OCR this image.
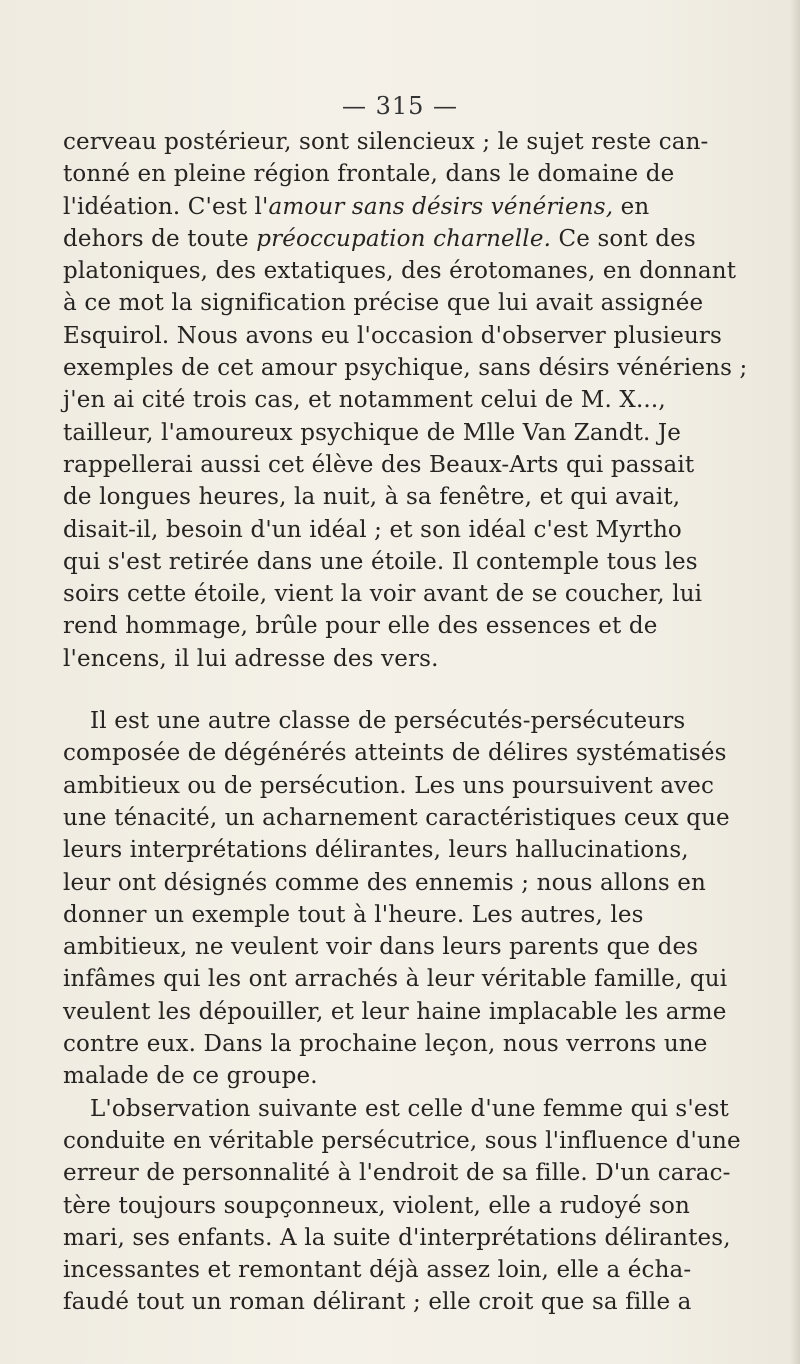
— 315 —

cerveau postérieur, sont silencieux ; le sujet reste can-
tonné en pleine région frontale, dans le domaine de
l'idéation. C'est l'amour sans désirs vénériens, en
dehors de toute préoccupation charnelle. Ce sont des
platoniques, des extatiques, des érotomanes, en donnant
à ce mot la signification précise que lui avait assignée
Esquirol. Nous avons eu l'occasion d'observer plusieurs
exemples de cet amour psychique, sans désirs vénériens ;
j'en ai cité trois cas, et notamment celui de M. X...,
tailleur, l'amoureux psychique de Mlle Van Zandt. Je
rappellerai aussi cet élève des Beaux-Arts qui passait
de longues heures, la nuit, à sa fenêtre, et qui avait,
disait-il, besoin d'un idéal ; et son idéal c'est Myrtho
qui s'est retirée dans une étoile. Il contemple tous les
soirs cette étoile, vient la voir avant de se coucher, lui
rend hommage, brûle pour elle des essences et de
l'encens, il lui adresse des vers.

Il est une autre classe de persécutés-persécuteurs
composée de dégénérés atteints de délires systématisés
ambitieux ou de persécution. Les uns poursuivent avec
une ténacité, un acharnement caractéristiques ceux que
leurs interprétations délirantes, leurs hallucinations,
leur ont désignés comme des ennemis ; nous allons en
donner un exemple tout à l'heure. Les autres, les
ambitieux, ne veulent voir dans leurs parents que des
infâmes qui les ont arrachés à leur véritable famille, qui
veulent les dépouiller, et leur haine implacable les arme
contre eux. Dans la prochaine leçon, nous verrons une
malade de ce groupe.

L'observation suivante est celle d'une femme qui s'est
conduite en véritable persécutrice, sous l'influence d'une
erreur de personnalité à l'endroit de sa fille. D'un carac-
tère toujours soupçonneux, violent, elle a rudoyé son
mari, ses enfants. A la suite d'interprétations délirantes,
incessantes et remontant déjà assez loin, elle a écha-
faudé tout un roman délirant ; elle croit que sa fille a
